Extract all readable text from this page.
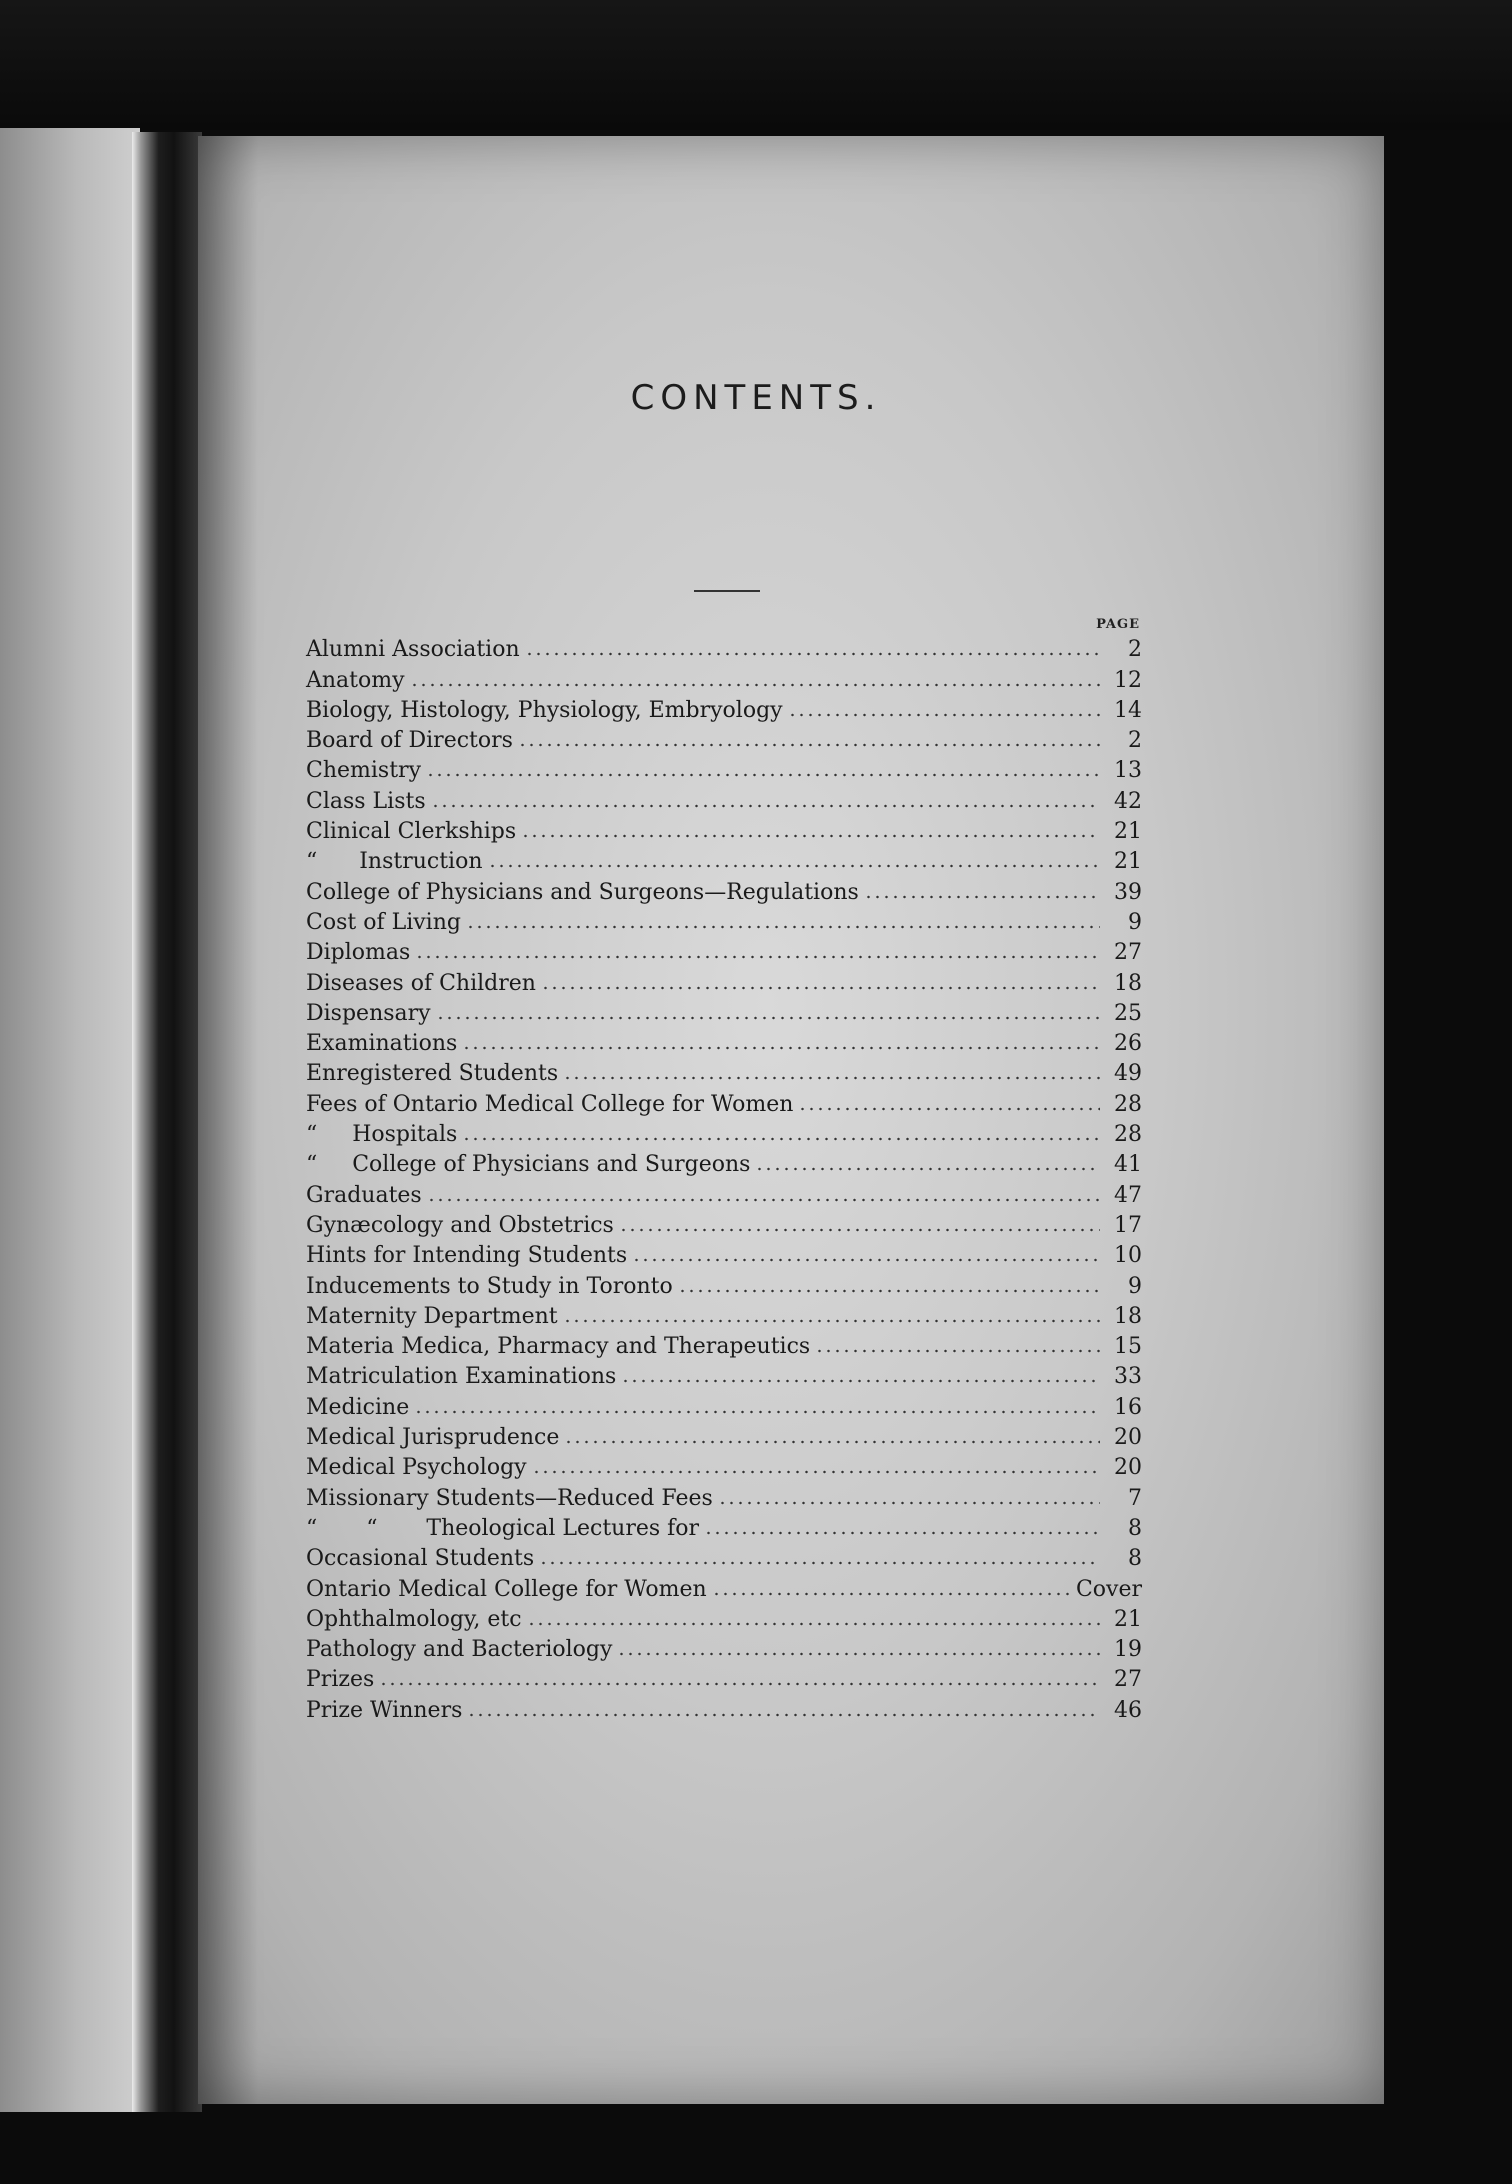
CONTENTS.
PAGE
Alumni Association	2
Anatomy	12
Biology, Histology, Physiology, Embryology	14
Board of Directors	2
Chemistry	13
Class Lists	42
Clinical Clerkships	21
“      Instruction	21
College of Physicians and Surgeons—Regulations	39
Cost of Living	9
Diplomas	27
Diseases of Children	18
Dispensary	25
Examinations	26
Enregistered Students	49
Fees of Ontario Medical College for Women	28
“     Hospitals	28
“     College of Physicians and Surgeons	41
Graduates	47
Gynæcology and Obstetrics	17
Hints for Intending Students	10
Inducements to Study in Toronto	9
Maternity Department	18
Materia Medica, Pharmacy and Therapeutics	15
Matriculation Examinations	33
Medicine	16
Medical Jurisprudence	20
Medical Psychology	20
Missionary Students—Reduced Fees	7
“       “       Theological Lectures for	8
Occasional Students	8
Ontario Medical College for Women	Cover
Ophthalmology, etc	21
Pathology and Bacteriology	19
Prizes	27
Prize Winners	46
